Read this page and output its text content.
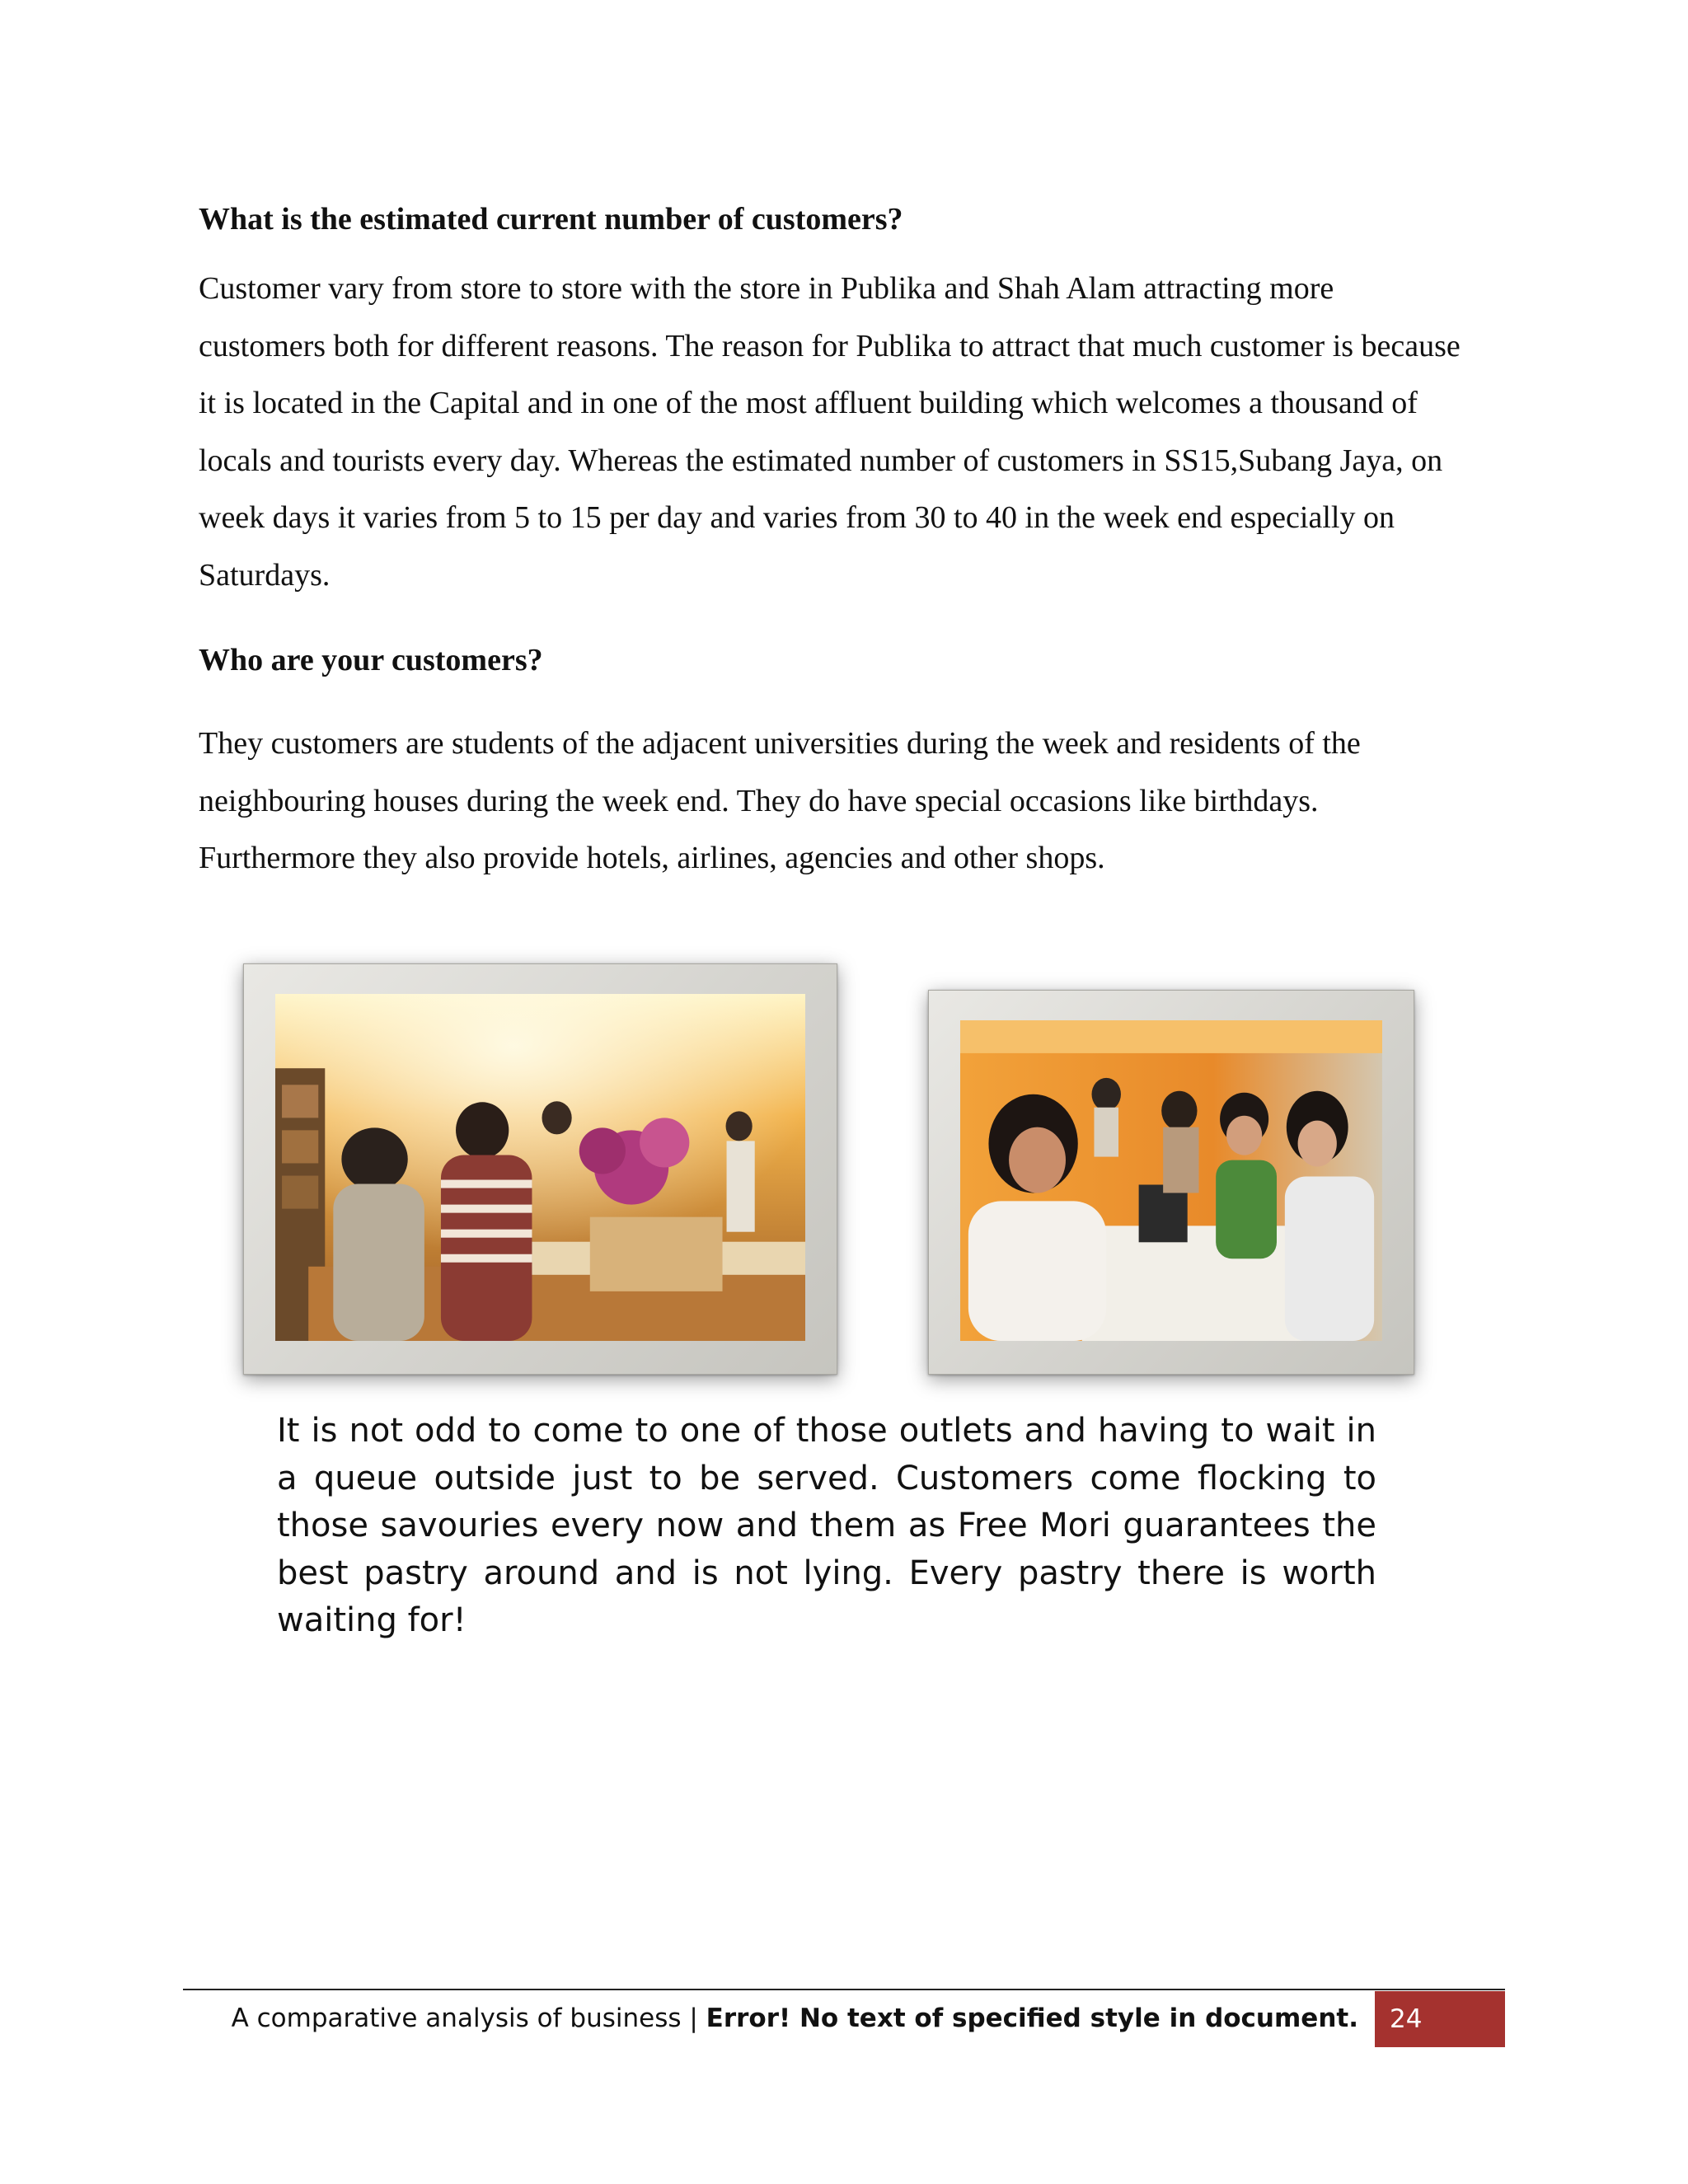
What is the estimated current number of customers?

Customer vary from store to store with the store in Publika and Shah Alam attracting more customers both for different reasons. The reason for Publika to attract that much customer is because it is located in the Capital and in one of the most affluent building which welcomes a thousand of locals and tourists every day. Whereas the estimated number of customers in SS15,Subang Jaya, on week days it varies from 5 to 15 per day and varies from 30 to 40 in the week end especially on Saturdays.

Who are your customers?

They customers are students of the adjacent universities during the week and residents of the neighbouring houses during the week end. They do have special occasions like birthdays. Furthermore they also provide hotels, airlines, agencies and other shops.

It is not odd to come to one of those outlets and having to wait in a queue outside just to be served. Customers come flocking to those savouries every now and them as Free Mori guarantees the best pastry around and is not lying. Every pastry there is worth waiting for!

A comparative analysis of business | Error! No text of specified style in document.	24
